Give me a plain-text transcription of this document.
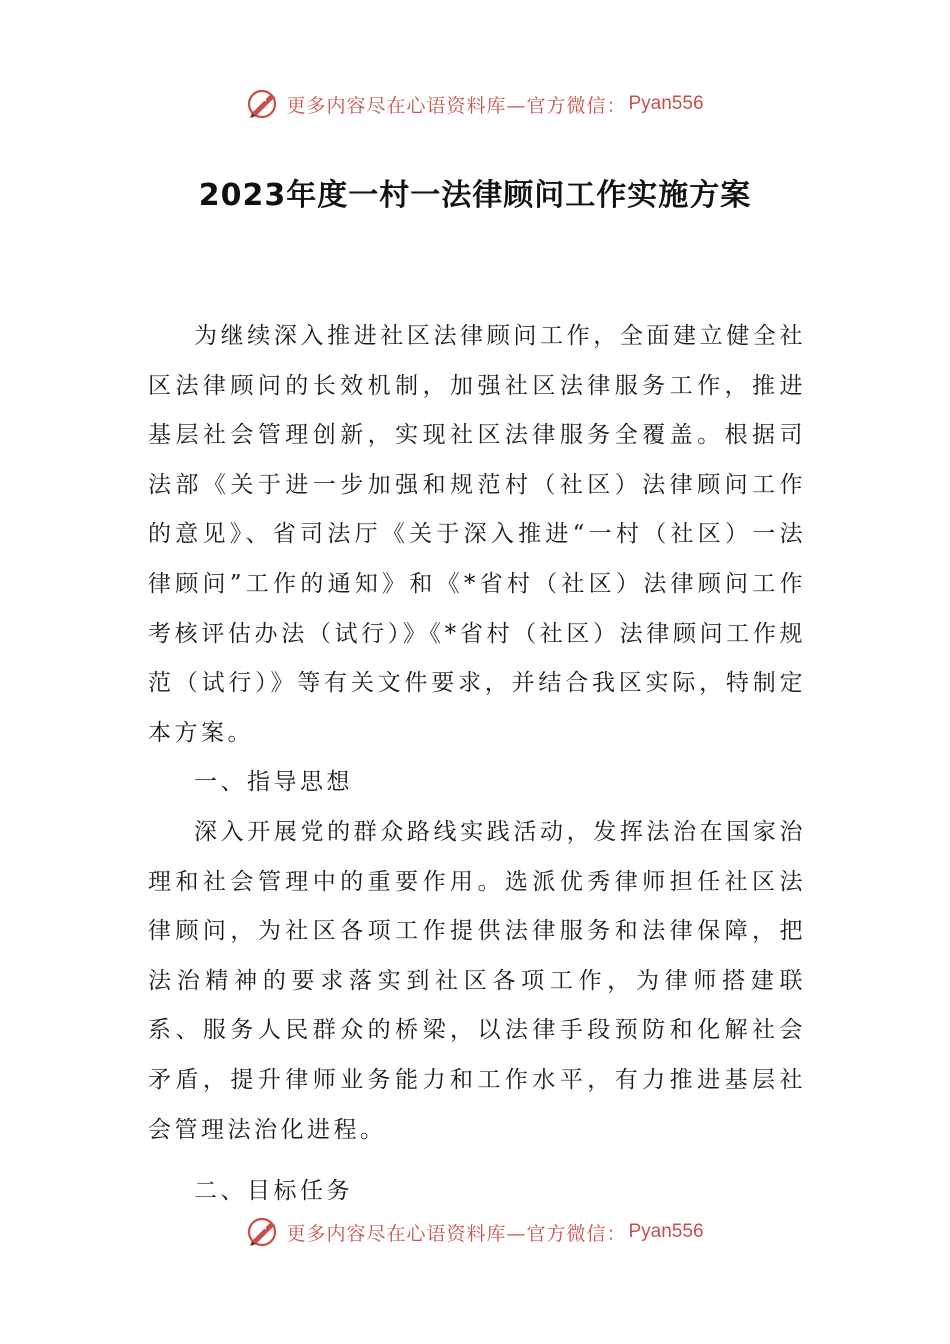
更多内容尽在心语资料库—官方微信： Pyan556
2023年度一村一法律顾问工作实施方案

为继续深入推进社区法律顾问工作，全面建立健全社区法律顾问的长效机制，加强社区法律服务工作，推进基层社会管理创新，实现社区法律服务全覆盖。根据司法部《关于进一步加强和规范村（社区）法律顾问工作的意见》、省司法厅《关于深入推进“一村（社区）一法律顾问”工作的通知》和《*省村（社区）法律顾问工作考核评估办法（试行）》《*省村（社区）法律顾问工作规范（试行）》等有关文件要求，并结合我区实际，特制定本方案。

一、指导思想

深入开展党的群众路线实践活动，发挥法治在国家治理和社会管理中的重要作用。选派优秀律师担任社区法律顾问，为社区各项工作提供法律服务和法律保障，把法治精神的要求落实到社区各项工作，为律师搭建联系、服务人民群众的桥梁，以法律手段预防和化解社会矛盾，提升律师业务能力和工作水平，有力推进基层社会管理法治化进程。

二、目标任务

更多内容尽在心语资料库—官方微信： Pyan556
